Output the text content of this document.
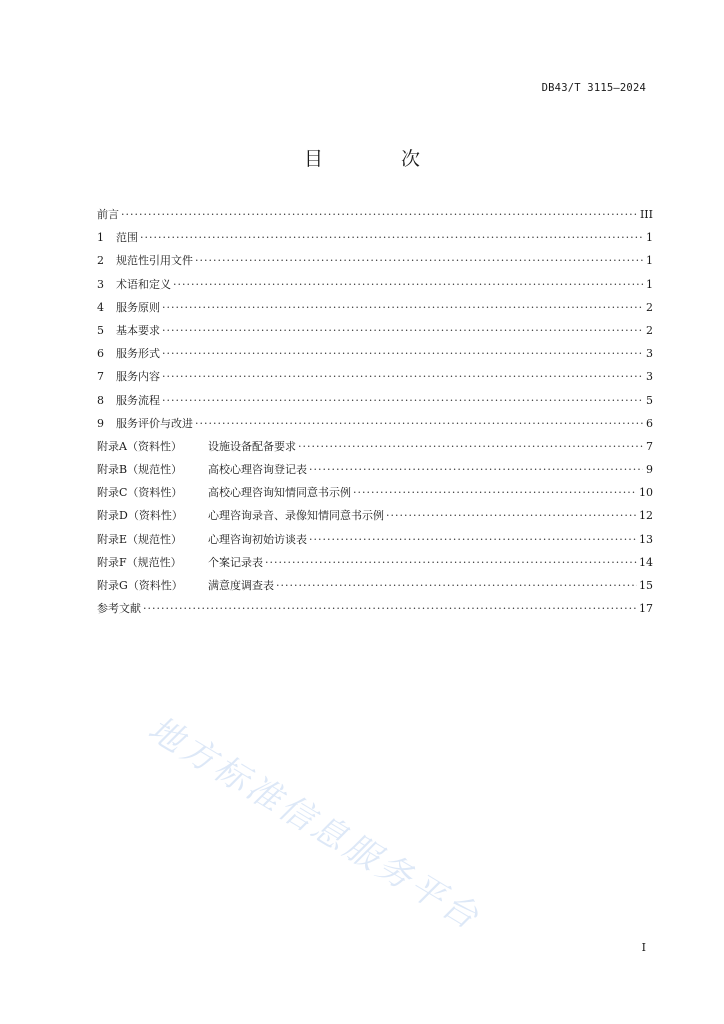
DB43/T 3115—2024
目 次
前言 ·····	III
1	范围 ·····	1
2	规范性引用文件 ·····	1
3	术语和定义 ·····	1
4	服务原则 ·····	2
5	基本要求 ·····	2
6	服务形式 ·····	3
7	服务内容 ·····	3
8	服务流程 ·····	5
9	服务评价与改进 ·····	6
附录A（资料性）	设施设备配备要求 ·····	7
附录B（规范性）	高校心理咨询登记表 ·····	9
附录C（资料性）	高校心理咨询知情同意书示例 ·····	10
附录D（资料性）	心理咨询录音、录像知情同意书示例 ·····	12
附录E（规范性）	心理咨询初始访谈表 ·····	13
附录F（规范性）	个案记录表 ·····	14
附录G（资料性）	满意度调查表 ·····	15
参考文献 ·····	17
I
地方标准信息服务平台
